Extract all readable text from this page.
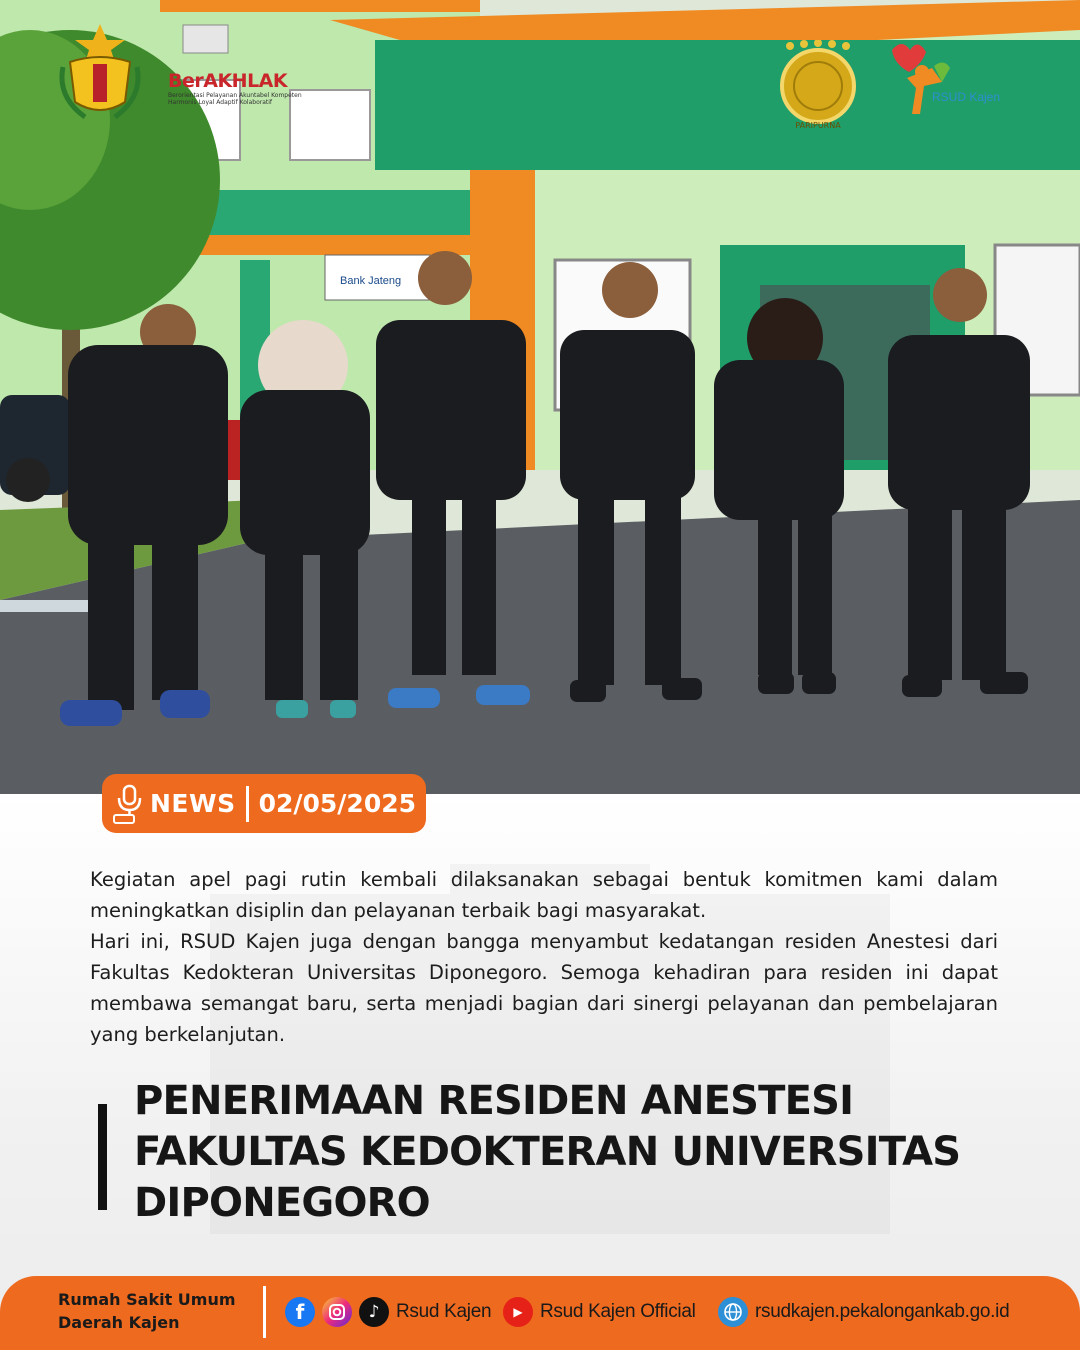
Bank Jateng
BerAKHLAK
Berorientasi Pelayanan Akuntabel Kompeten
Harmonis Loyal Adaptif Kolaboratif
PARIPURNA
RSUD Kajen
NEWS 02/05/2025

Kegiatan apel pagi rutin kembali dilaksanakan sebagai bentuk komitmen kami dalam meningkatkan disiplin dan pelayanan terbaik bagi masyarakat.

Hari ini, RSUD Kajen juga dengan bangga menyambut kedatangan residen Anestesi dari Fakultas Kedokteran Universitas Diponegoro. Semoga kehadiran para residen ini dapat membawa semangat baru, serta menjadi bagian dari sinergi pelayanan dan pembelajaran yang berkelanjutan.

PENERIMAAN RESIDEN ANESTESI
FAKULTAS KEDOKTERAN UNIVERSITAS
DIPONEGORO
Rumah Sakit Umum
Daerah Kajen	f	♪ Rsud Kajen	▶ Rsud Kajen Official	rsudkajen.pekalongankab.go.id
